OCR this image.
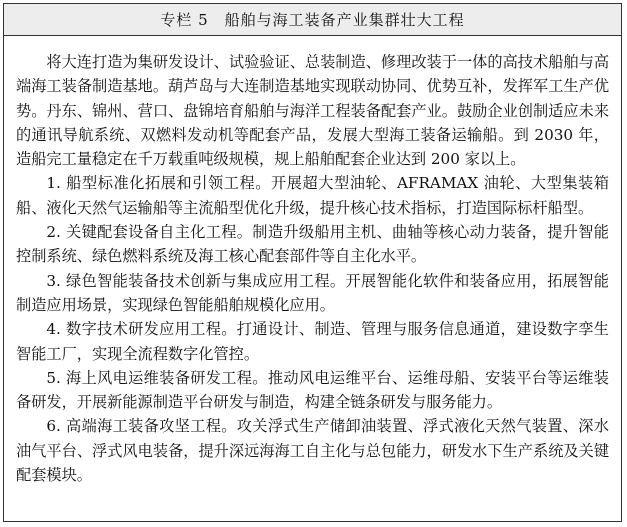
专栏 5　船舶与海工装备产业集群壮大工程

将大连打造为集研发设计、试验验证、总装制造、修理改装于一体的高技术船舶与高端海工装备制造基地。葫芦岛与大连制造基地实现联动协同、优势互补，发挥军工生产优势。丹东、锦州、营口、盘锦培育船舶与海洋工程装备配套产业。鼓励企业创制适应未来的通讯导航系统、双燃料发动机等配套产品，发展大型海工装备运输船。到 2030 年，造船完工量稳定在千万载重吨级规模，规上船舶配套企业达到 200 家以上。

1. 船型标准化拓展和引领工程。开展超大型油轮、AFRAMAX 油轮、大型集装箱船、液化天然气运输船等主流船型优化升级，提升核心技术指标，打造国际标杆船型。

2. 关键配套设备自主化工程。制造升级船用主机、曲轴等核心动力装备，提升智能控制系统、绿色燃料系统及海工核心配套部件等自主化水平。

3. 绿色智能装备技术创新与集成应用工程。开展智能化软件和装备应用，拓展智能制造应用场景，实现绿色智能船舶规模化应用。

4. 数字技术研发应用工程。打通设计、制造、管理与服务信息通道，建设数字孪生智能工厂，实现全流程数字化管控。

5. 海上风电运维装备研发工程。推动风电运维平台、运维母船、安装平台等运维装备研发，开展新能源制造平台研发与制造，构建全链条研发与服务能力。

6. 高端海工装备攻坚工程。攻关浮式生产储卸油装置、浮式液化天然气装置、深水油气平台、浮式风电装备，提升深远海海工自主化与总包能力，研发水下生产系统及关键配套模块。
